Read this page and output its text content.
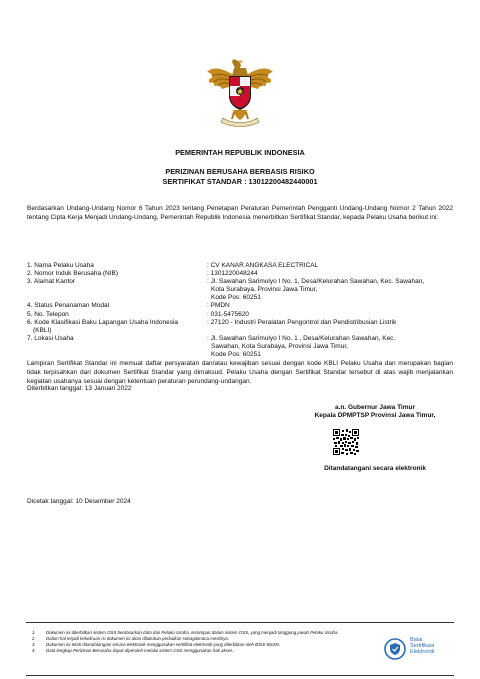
PEMERINTAH REPUBLIK INDONESIA
PERIZINAN BERUSAHA BERBASIS RISIKO
SERTIFIKAT STANDAR : 13012200482440001
Berdasarkan Undang-Undang Nomor 6 Tahun 2023 tentang Penetapan Peraturan Pemerintah Pengganti Undang-Undang Nomor 2 Tahun 2022 tentang Cipta Kerja Menjadi Undang-Undang, Pemerintah Republik Indonesia menerbitkan Sertifikat Standar, kepada Pelaku Usaha berikut ini:
1. Nama Pelaku Usaha	: CV KANAR ANGKASA ELECTRICAL
2. Nomor Induk Berusaha (NIB)	: 1301220048244
3. Alamat Kantor	: Jl. Sawahan Sarimulyo I No. 1, Desa/Kelurahan Sawahan, Kec. Sawahan,
Kota Surabaya, Provinsi Jawa Timur,
Kode Pos: 60251
4. Status Penanaman Modal	: PMDN
5. No. Telepon	: 031-5475620
6. Kode Klasifikasi Baku Lapangan Usaha Indonesia
(KBLI)
: 27120 - Industri Peralatan Pengontrol dan Pendistribusian Listrik
7. Lokasi Usaha	: Jl. Sawahan Sarimulyo I No. 1 , Desa/Kelurahan Sawahan, Kec.
Sawahan, Kota Surabaya, Provinsi Jawa Timur,
Kode Pos: 60251
Lampiran Sertifikat Standar ini memuat daftar persyaratan dan/atau kewajiban sesuai dengan kode KBLI Pelaku Usaha dan merupakan bagian tidak terpisahkan dari dokumen Sertifikat Standar yang dimaksud. Pelaku Usaha dengan Sertifikat Standar tersebut di atas wajib menjalankan kegiatan usahanya sesuai dengan ketentuan peraturan perundang-undangan.
Diterbitkan tanggal: 13 Januari 2022
a.n. Gubernur Jawa Timur
Kepala DPMPTSP Provinsi Jawa Timur,
Ditandatangani secara elektronik
Dicetak tanggal: 10 Desember 2024
1.	Dokumen ini diterbitkan sistem OSS berdasarkan data dan Pelaku Usaha, tersimpan dalam sistem OSS, yang menjadi tanggung jawab Pelaku Usaha.
2.	Dalam hal terjadi kekeliruan isi dokumen ini akan dilakukan perbaikan sebagaimana mestinya.
3.	Dokumen ini telah ditandatangani secara elektronik menggunakan sertifikat elektronik yang diterbitkan oleh BSrE-BSSN.
4.	Data lengkap Perizinan Berusaha dapat diperoleh melalui sistem OSS menggunakan hak akses.
Balai
Sertifikasi
Elektronik
